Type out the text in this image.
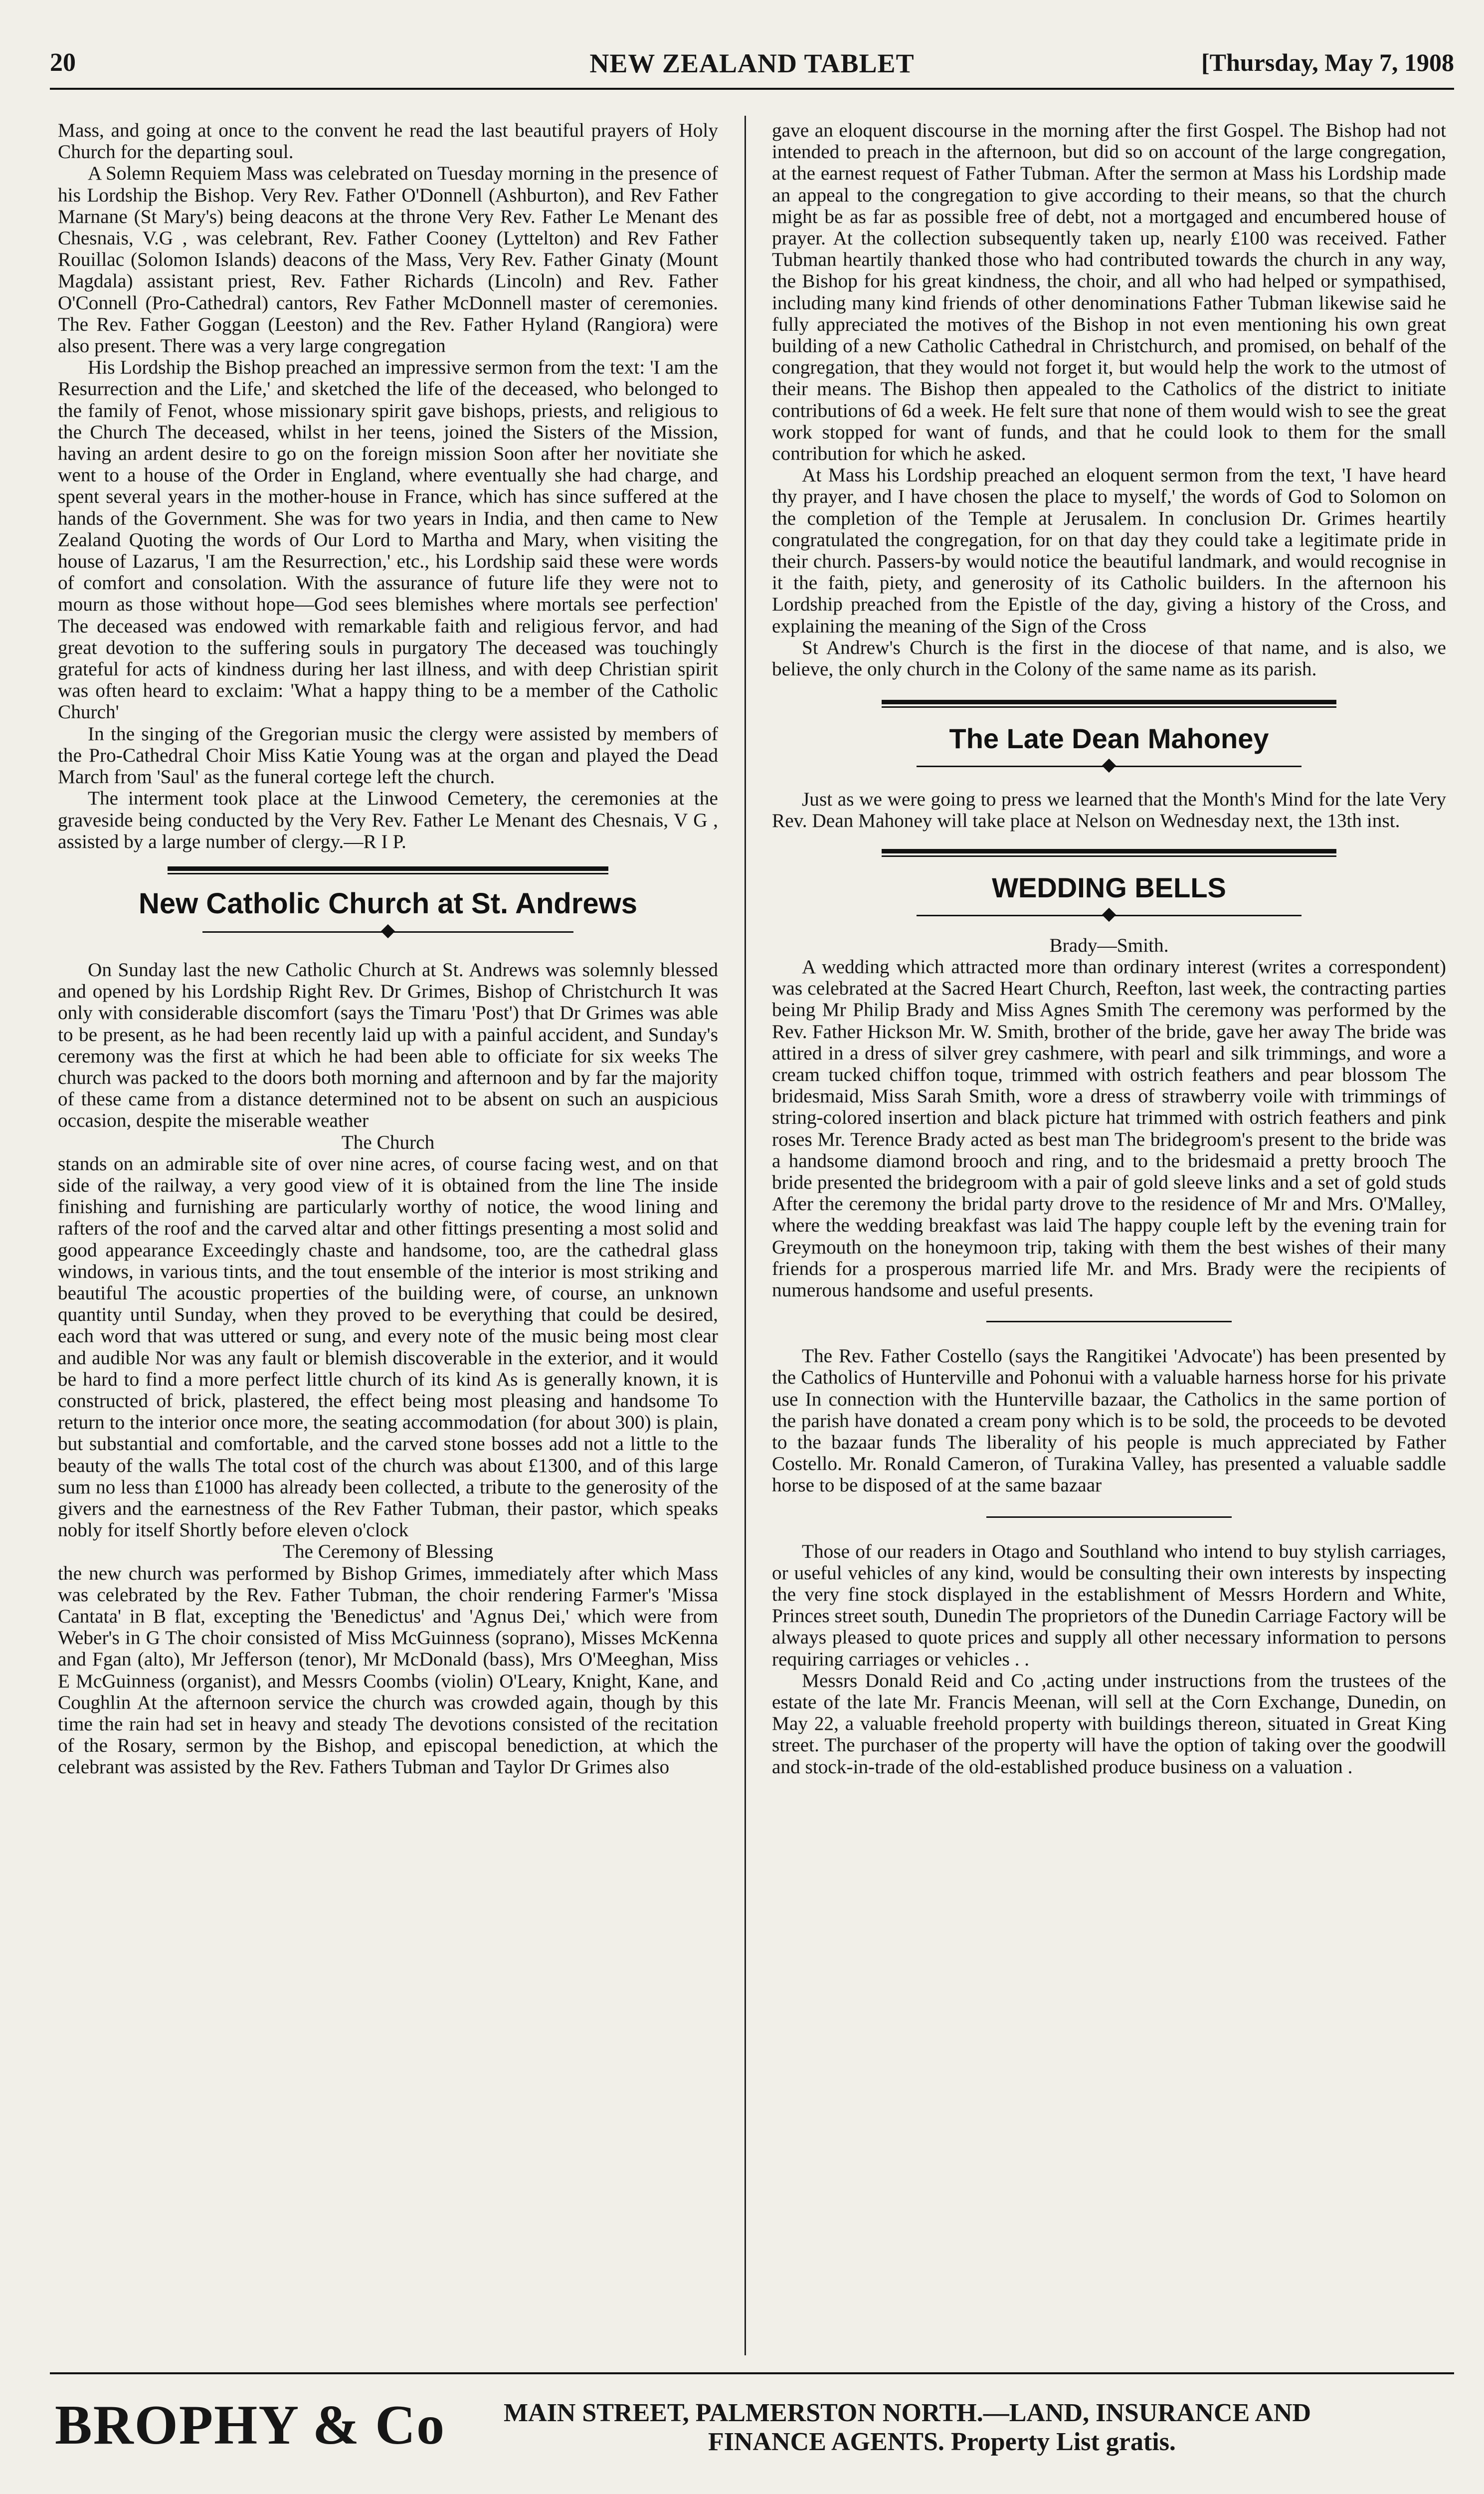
20	NEW ZEALAND TABLET	[Thursday, May 7, 1908

Mass, and going at once to the convent he read the last beautiful prayers of Holy Church for the departing soul.

A Solemn Requiem Mass was celebrated on Tuesday morning in the presence of his Lordship the Bishop. Very Rev. Father O'Donnell (Ashburton), and Rev Father Marnane (St Mary's) being deacons at the throne Very Rev. Father Le Menant des Chesnais, V.G , was celebrant, Rev. Father Cooney (Lyttelton) and Rev Father Rouillac (Solomon Islands) deacons of the Mass, Very Rev. Father Ginaty (Mount Magdala) assistant priest, Rev. Father Richards (Lincoln) and Rev. Father O'Connell (Pro-Cathedral) cantors, Rev Father McDonnell master of ceremonies. The Rev. Father Goggan (Leeston) and the Rev. Father Hyland (Rangiora) were also present. There was a very large congregation

His Lordship the Bishop preached an impressive sermon from the text: 'I am the Resurrection and the Life,' and sketched the life of the deceased, who belonged to the family of Fenot, whose missionary spirit gave bishops, priests, and religious to the Church The deceased, whilst in her teens, joined the Sisters of the Mission, having an ardent desire to go on the foreign mission Soon after her novitiate she went to a house of the Order in England, where eventually she had charge, and spent several years in the mother-house in France, which has since suffered at the hands of the Government. She was for two years in India, and then came to New Zealand Quoting the words of Our Lord to Martha and Mary, when visiting the house of Lazarus, 'I am the Resurrection,' etc., his Lordship said these were words of comfort and consolation. With the assurance of future life they were not to mourn as those without hope—God sees blemishes where mortals see perfection' The deceased was endowed with remarkable faith and religious fervor, and had great devotion to the suffering souls in purgatory The deceased was touchingly grateful for acts of kindness during her last illness, and with deep Christian spirit was often heard to exclaim: 'What a happy thing to be a member of the Catholic Church'

In the singing of the Gregorian music the clergy were assisted by members of the Pro-Cathedral Choir Miss Katie Young was at the organ and played the Dead March from 'Saul' as the funeral cortege left the church.

The interment took place at the Linwood Cemetery, the ceremonies at the graveside being conducted by the Very Rev. Father Le Menant des Chesnais, V G , assisted by a large number of clergy.—R I P.

New Catholic Church at St. Andrews

On Sunday last the new Catholic Church at St. Andrews was solemnly blessed and opened by his Lordship Right Rev. Dr Grimes, Bishop of Christchurch It was only with considerable discomfort (says the Timaru 'Post') that Dr Grimes was able to be present, as he had been recently laid up with a painful accident, and Sunday's ceremony was the first at which he had been able to officiate for six weeks The church was packed to the doors both morning and afternoon and by far the majority of these came from a distance determined not to be absent on such an auspicious occasion, despite the miserable weather

The Church

stands on an admirable site of over nine acres, of course facing west, and on that side of the railway, a very good view of it is obtained from the line The inside finishing and furnishing are particularly worthy of notice, the wood lining and rafters of the roof and the carved altar and other fittings presenting a most solid and good appearance Exceedingly chaste and handsome, too, are the cathedral glass windows, in various tints, and the tout ensemble of the interior is most striking and beautiful The acoustic properties of the building were, of course, an unknown quantity until Sunday, when they proved to be everything that could be desired, each word that was uttered or sung, and every note of the music being most clear and audible Nor was any fault or blemish discoverable in the exterior, and it would be hard to find a more perfect little church of its kind As is generally known, it is constructed of brick, plastered, the effect being most pleasing and handsome To return to the interior once more, the seating accommodation (for about 300) is plain, but substantial and comfortable, and the carved stone bosses add not a little to the beauty of the walls The total cost of the church was about £1300, and of this large sum no less than £1000 has already been collected, a tribute to the generosity of the givers and the earnestness of the Rev Father Tubman, their pastor, which speaks nobly for itself Shortly before eleven o'clock

The Ceremony of Blessing

the new church was performed by Bishop Grimes, immediately after which Mass was celebrated by the Rev. Father Tubman, the choir rendering Farmer's 'Missa Cantata' in B flat, excepting the 'Benedictus' and 'Agnus Dei,' which were from Weber's in G The choir consisted of Miss McGuinness (soprano), Misses McKenna and Fgan (alto), Mr Jefferson (tenor), Mr McDonald (bass), Mrs O'Meeghan, Miss E McGuinness (organist), and Messrs Coombs (violin) O'Leary, Knight, Kane, and Coughlin At the afternoon service the church was crowded again, though by this time the rain had set in heavy and steady The devotions consisted of the recitation of the Rosary, sermon by the Bishop, and episcopal benediction, at which the celebrant was assisted by the Rev. Fathers Tubman and Taylor Dr Grimes also

gave an eloquent discourse in the morning after the first Gospel. The Bishop had not intended to preach in the afternoon, but did so on account of the large congregation, at the earnest request of Father Tubman. After the sermon at Mass his Lordship made an appeal to the congregation to give according to their means, so that the church might be as far as possible free of debt, not a mortgaged and encumbered house of prayer. At the collection subsequently taken up, nearly £100 was received. Father Tubman heartily thanked those who had contributed towards the church in any way, the Bishop for his great kindness, the choir, and all who had helped or sympathised, including many kind friends of other denominations Father Tubman likewise said he fully appreciated the motives of the Bishop in not even mentioning his own great building of a new Catholic Cathedral in Christchurch, and promised, on behalf of the congregation, that they would not forget it, but would help the work to the utmost of their means. The Bishop then appealed to the Catholics of the district to initiate contributions of 6d a week. He felt sure that none of them would wish to see the great work stopped for want of funds, and that he could look to them for the small contribution for which he asked.

At Mass his Lordship preached an eloquent sermon from the text, 'I have heard thy prayer, and I have chosen the place to myself,' the words of God to Solomon on the completion of the Temple at Jerusalem. In conclusion Dr. Grimes heartily congratulated the congregation, for on that day they could take a legitimate pride in their church. Passers-by would notice the beautiful landmark, and would recognise in it the faith, piety, and generosity of its Catholic builders. In the afternoon his Lordship preached from the Epistle of the day, giving a history of the Cross, and explaining the meaning of the Sign of the Cross

St Andrew's Church is the first in the diocese of that name, and is also, we believe, the only church in the Colony of the same name as its parish.

The Late Dean Mahoney

Just as we were going to press we learned that the Month's Mind for the late Very Rev. Dean Mahoney will take place at Nelson on Wednesday next, the 13th inst.

WEDDING BELLS

Brady—Smith.

A wedding which attracted more than ordinary interest (writes a correspondent) was celebrated at the Sacred Heart Church, Reefton, last week, the contracting parties being Mr Philip Brady and Miss Agnes Smith The ceremony was performed by the Rev. Father Hickson Mr. W. Smith, brother of the bride, gave her away The bride was attired in a dress of silver grey cashmere, with pearl and silk trimmings, and wore a cream tucked chiffon toque, trimmed with ostrich feathers and pear blossom The bridesmaid, Miss Sarah Smith, wore a dress of strawberry voile with trimmings of string-colored insertion and black picture hat trimmed with ostrich feathers and pink roses Mr. Terence Brady acted as best man The bridegroom's present to the bride was a handsome diamond brooch and ring, and to the bridesmaid a pretty brooch The bride presented the bridegroom with a pair of gold sleeve links and a set of gold studs After the ceremony the bridal party drove to the residence of Mr and Mrs. O'Malley, where the wedding breakfast was laid The happy couple left by the evening train for Greymouth on the honeymoon trip, taking with them the best wishes of their many friends for a prosperous married life Mr. and Mrs. Brady were the recipients of numerous handsome and useful presents.

The Rev. Father Costello (says the Rangitikei 'Advocate') has been presented by the Catholics of Hunterville and Pohonui with a valuable harness horse for his private use In connection with the Hunterville bazaar, the Catholics in the same portion of the parish have donated a cream pony which is to be sold, the proceeds to be devoted to the bazaar funds The liberality of his people is much appreciated by Father Costello. Mr. Ronald Cameron, of Turakina Valley, has presented a valuable saddle horse to be disposed of at the same bazaar

Those of our readers in Otago and Southland who intend to buy stylish carriages, or useful vehicles of any kind, would be consulting their own interests by inspecting the very fine stock displayed in the establishment of Messrs Hordern and White, Princes street south, Dunedin The proprietors of the Dunedin Carriage Factory will be always pleased to quote prices and supply all other necessary information to persons requiring carriages or vehicles . .

Messrs Donald Reid and Co ,acting under instructions from the trustees of the estate of the late Mr. Francis Meenan, will sell at the Corn Exchange, Dunedin, on May 22, a valuable freehold property with buildings thereon, situated in Great King street. The purchaser of the property will have the option of taking over the goodwill and stock-in-trade of the old-established produce business on a valuation .

BROPHY & Co MAIN STREET, PALMERSTON NORTH.—LAND, INSURANCE AND
FINANCE AGENTS. Property List gratis.
